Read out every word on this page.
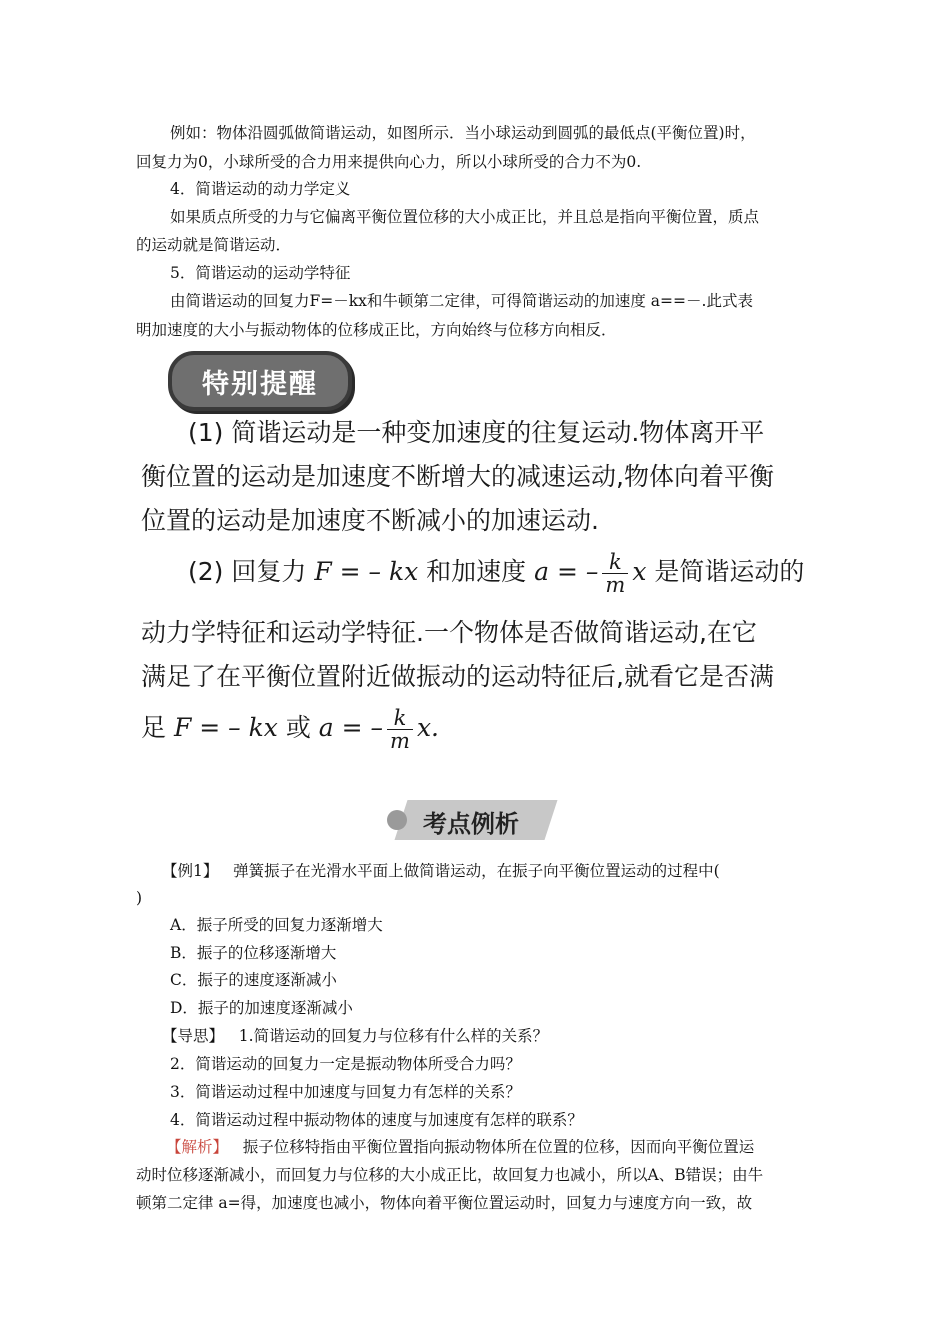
例如：物体沿圆弧做简谐运动，如图所示．当小球运动到圆弧的最低点(平衡位置)时，

回复力为0，小球所受的合力用来提供向心力，所以小球所受的合力不为0.

4．简谐运动的动力学定义

如果质点所受的力与它偏离平衡位置位移的大小成正比，并且总是指向平衡位置，质点

的运动就是简谐运动．

5．简谐运动的运动学特征

由简谐运动的回复力F=－kx和牛顿第二定律，可得简谐运动的加速度 a==－.此式表

明加速度的大小与振动物体的位移成正比，方向始终与位移方向相反．

特别提醒
(1) 简谐运动是一种变加速度的往复运动.物体离开平
衡位置的运动是加速度不断增大的减速运动,物体向着平衡
位置的运动是加速度不断减小的加速运动.
(2) 回复力 F = – kx 和加速度 a = – $\frac{k}{m}$ x 是简谐运动的
动力学特征和运动学特征.一个物体是否做简谐运动,在它
满足了在平衡位置附近做振动的运动特征后,就看它是否满
足 F = – kx 或 a = – $\frac{k}{m} x$.
考点例析

【例1】 弹簧振子在光滑水平面上做简谐运动，在振子向平衡位置运动的过程中(

)

A．振子所受的回复力逐渐增大

B．振子的位移逐渐增大

C．振子的速度逐渐减小

D．振子的加速度逐渐减小

【导思】 1.简谐运动的回复力与位移有什么样的关系？

2．简谐运动的回复力一定是振动物体所受合力吗？

3．简谐运动过程中加速度与回复力有怎样的关系？

4．简谐运动过程中振动物体的速度与加速度有怎样的联系？

【解析】 振子位移特指由平衡位置指向振动物体所在位置的位移，因而向平衡位置运

动时位移逐渐减小，而回复力与位移的大小成正比，故回复力也减小，所以A、B错误；由牛

顿第二定律 a=得，加速度也减小，物体向着平衡位置运动时，回复力与速度方向一致，故
